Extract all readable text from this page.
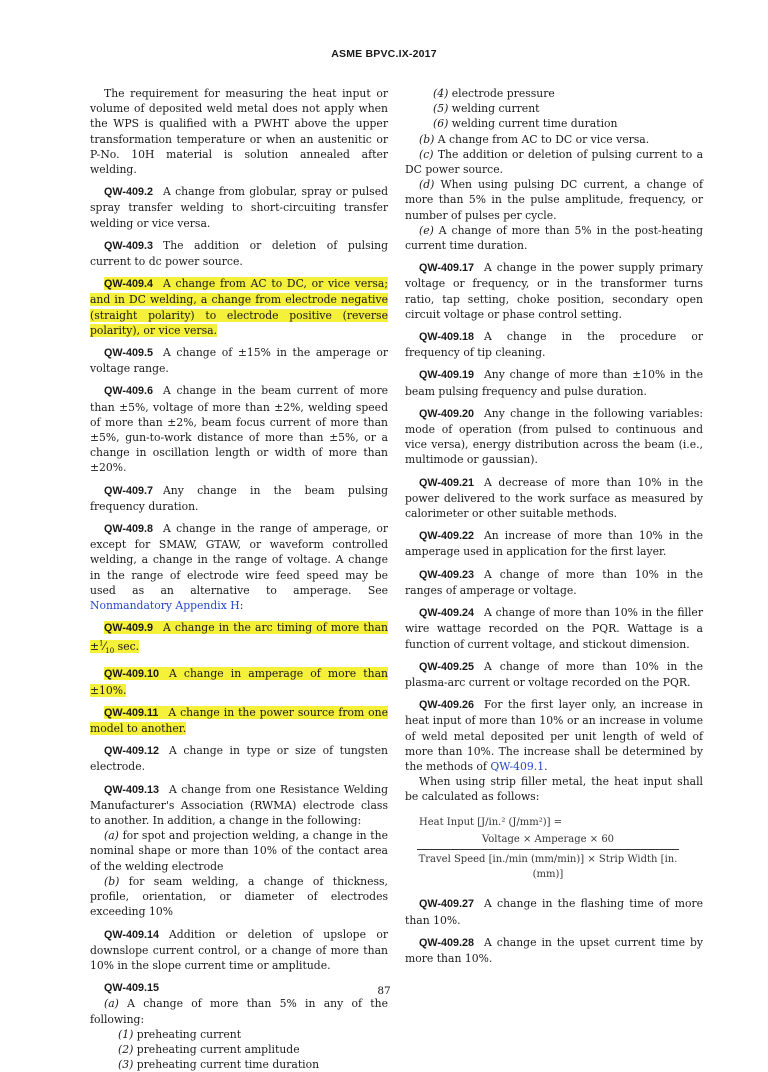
ASME BPVC.IX-2017

The requirement for measuring the heat input or volume of deposited weld metal does not apply when the WPS is qualified with a PWHT above the upper transformation temperature or when an austenitic or P-No. 10H material is solution annealed after welding.

QW-409.2 A change from globular, spray or pulsed spray transfer welding to short-circuiting transfer welding or vice versa.

QW-409.3 The addition or deletion of pulsing current to dc power source.

QW-409.4 A change from AC to DC, or vice versa; and in DC welding, a change from electrode negative (straight polarity) to electrode positive (reverse polarity), or vice versa.

QW-409.5 A change of ±15% in the amperage or voltage range.

QW-409.6 A change in the beam current of more than ±5%, voltage of more than ±2%, welding speed of more than ±2%, beam focus current of more than ±5%, gun-to-work distance of more than ±5%, or a change in oscillation length or width of more than ±20%.

QW-409.7 Any change in the beam pulsing frequency duration.

QW-409.8 A change in the range of amperage, or except for SMAW, GTAW, or waveform controlled welding, a change in the range of voltage. A change in the range of electrode wire feed speed may be used as an alternative to amperage. See Nonmandatory Appendix H:

QW-409.9 A change in the arc timing of more than $\pm^1⁄_{10}$ sec.

QW-409.10 A change in amperage of more than ±10%.

QW-409.11 A change in the power source from one model to another.

QW-409.12 A change in type or size of tungsten electrode.

QW-409.13 A change from one Resistance Welding Manufacturer's Association (RWMA) electrode class to another. In addition, a change in the following:

(a) for spot and projection welding, a change in the nominal shape or more than 10% of the contact area of the welding electrode

(b) for seam welding, a change of thickness, profile, orientation, or diameter of electrodes exceeding 10%

QW-409.14 Addition or deletion of upslope or downslope current control, or a change of more than 10% in the slope current time or amplitude.

QW-409.15

(a) A change of more than 5% in any of the following:

(1) preheating current

(2) preheating current amplitude

(3) preheating current time duration

(4) electrode pressure

(5) welding current

(6) welding current time duration

(b) A change from AC to DC or vice versa.

(c) The addition or deletion of pulsing current to a DC power source.

(d) When using pulsing DC current, a change of more than 5% in the pulse amplitude, frequency, or number of pulses per cycle.

(e) A change of more than 5% in the post-heating current time duration.

QW-409.17 A change in the power supply primary voltage or frequency, or in the transformer turns ratio, tap setting, choke position, secondary open circuit voltage or phase control setting.

QW-409.18 A change in the procedure or frequency of tip cleaning.

QW-409.19 Any change of more than ±10% in the beam pulsing frequency and pulse duration.

QW-409.20 Any change in the following variables: mode of operation (from pulsed to continuous and vice versa), energy distribution across the beam (i.e., multimode or gaussian).

QW-409.21 A decrease of more than 10% in the power delivered to the work surface as measured by calorimeter or other suitable methods.

QW-409.22 An increase of more than 10% in the amperage used in application for the first layer.

QW-409.23 A change of more than 10% in the ranges of amperage or voltage.

QW-409.24 A change of more than 10% in the filler wire wattage recorded on the PQR. Wattage is a function of current voltage, and stickout dimension.

QW-409.25 A change of more than 10% in the plasma-arc current or voltage recorded on the PQR.

QW-409.26 For the first layer only, an increase in heat input of more than 10% or an increase in volume of weld metal deposited per unit length of weld of more than 10%. The increase shall be determined by the methods of QW-409.1.

When using strip filler metal, the heat input shall be calculated as follows:

Heat Input [J/in.² (J/mm²)] =
Voltage × Amperage × 60
Travel Speed [in./min (mm/min)] × Strip Width [in. (mm)]

QW-409.27 A change in the flashing time of more than 10%.

QW-409.28 A change in the upset current time by more than 10%.

87
